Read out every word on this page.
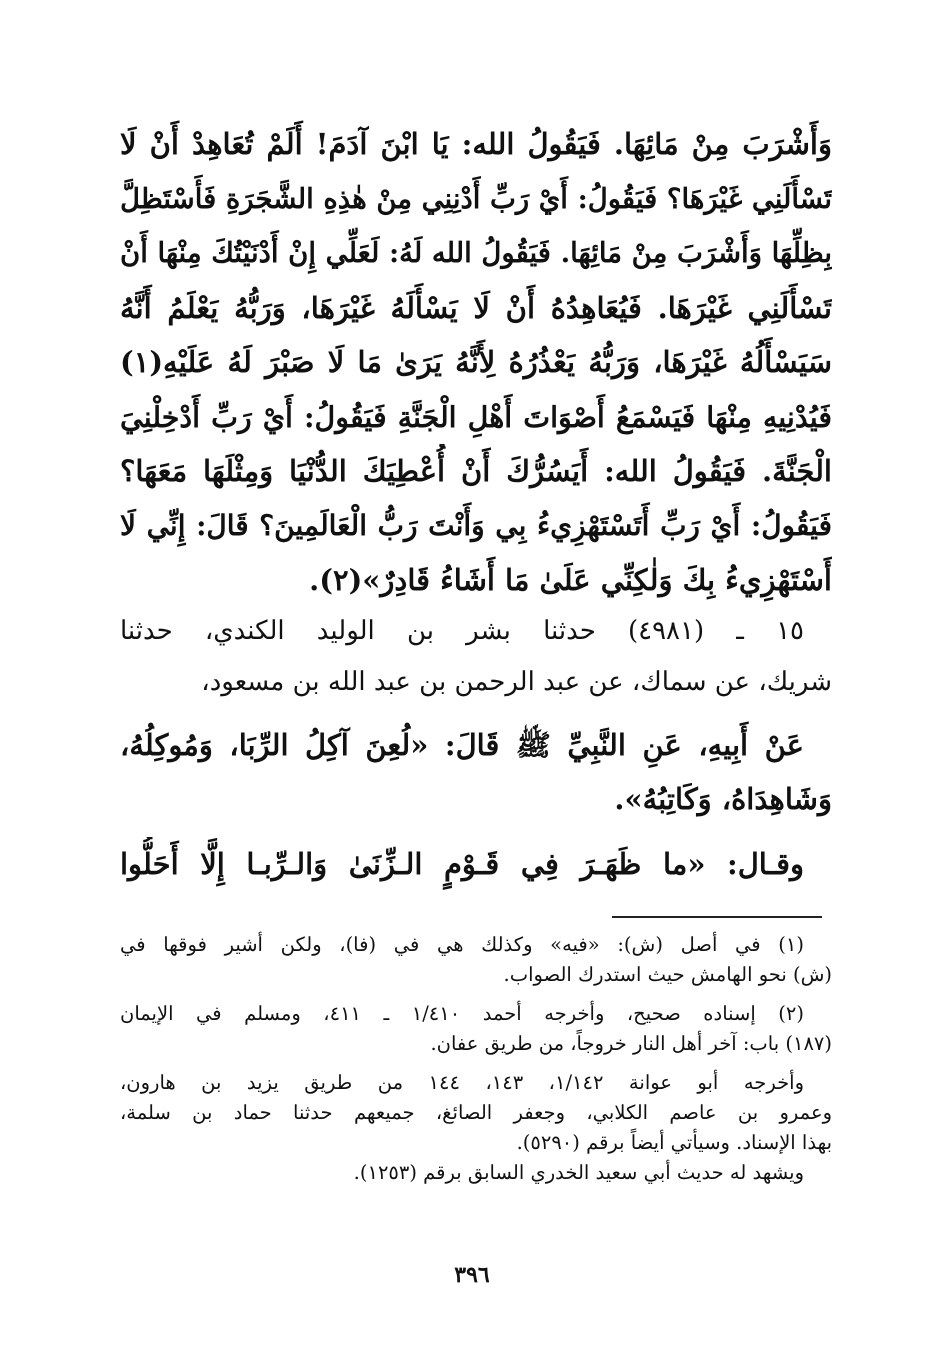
وَأَشْرَبَ مِنْ مَائِهَا. فَيَقُولُ الله: يَا ابْنَ آدَمَ! أَلَمْ تُعَاهِدْ أَنْ لَا
تَسْأَلَنِي غَيْرَهَا؟ فَيَقُولُ: أَيْ رَبِّ أَدْنِنِي مِنْ هٰذِهِ الشَّجَرَةِ فَأَسْتَظِلَّ
بِظِلِّهَا وَأَشْرَبَ مِنْ مَائِهَا. فَيَقُولُ الله لَهُ: لَعَلِّي إِنْ أَدْنَيْتُكَ مِنْهَا أَنْ
تَسْأَلَنِي غَيْرَهَا. فَيُعَاهِدُهُ أَنْ لَا يَسْأَلَهُ غَيْرَهَا، وَرَبُّهُ يَعْلَمُ أَنَّهُ
سَيَسْأَلُهُ غَيْرَهَا، وَرَبُّهُ يَعْذُرُهُ لِأَنَّهُ يَرَىٰ مَا لَا صَبْرَ لَهُ عَلَيْهِ(١)
فَيُدْنِيهِ مِنْهَا فَيَسْمَعُ أَصْوَاتَ أَهْلِ الْجَنَّةِ فَيَقُولُ: أَيْ رَبِّ أَدْخِلْنِيَ
الْجَنَّةَ. فَيَقُولُ الله: أَيَسُرُّكَ أَنْ أُعْطِيَكَ الدُّنْيَا وَمِثْلَهَا مَعَهَا؟
فَيَقُولُ: أَيْ رَبِّ أَتَسْتَهْزِيءُ بِي وَأَنْتَ رَبُّ الْعَالَمِينَ؟ قَالَ: إِنِّي لَا
أَسْتَهْزِيءُ بِكَ وَلٰكِنِّي عَلَىٰ مَا أَشَاءُ قَادِرٌ»(٢).
١٥ ـ (٤٩٨١) حدثنا بشر بن الوليد الكندي، حدثنا
شريك، عن سماك، عن عبد الرحمن بن عبد الله بن مسعود،
عَنْ أَبِيهِ، عَنِ النَّبِيِّ ﷺ قَالَ: «لُعِنَ آكِلُ الرِّبَا، وَمُوكِلُهُ،
وَشَاهِدَاهُ، وَكَاتِبُهُ».
وقـال: «ما ظَهَـرَ فِي قَـوْمٍ الـزِّنَىٰ وَالـرِّبـا إِلَّا أَحَلُّوا
(١) في أصل (ش): «فيه» وكذلك هي في (فا)، ولكن أشير فوقها في
(ش) نحو الهامش حيث استدرك الصواب.
(٢) إسناده صحيح، وأخرجه أحمد ١/٤١٠ ـ ٤١١، ومسلم في الإيمان
(١٨٧) باب: آخر أهل النار خروجاً، من طريق عفان.
وأخرجه أبو عوانة ١/١٤٢، ١٤٣، ١٤٤ من طريق يزيد بن هارون،
وعمرو بن عاصم الكلابي، وجعفر الصائغ، جميعهم حدثنا حماد بن سلمة،
بهذا الإسناد. وسيأتي أيضاً برقم (٥٢٩٠).
ويشهد له حديث أبي سعيد الخدري السابق برقم (١٢٥٣).
٣٩٦
